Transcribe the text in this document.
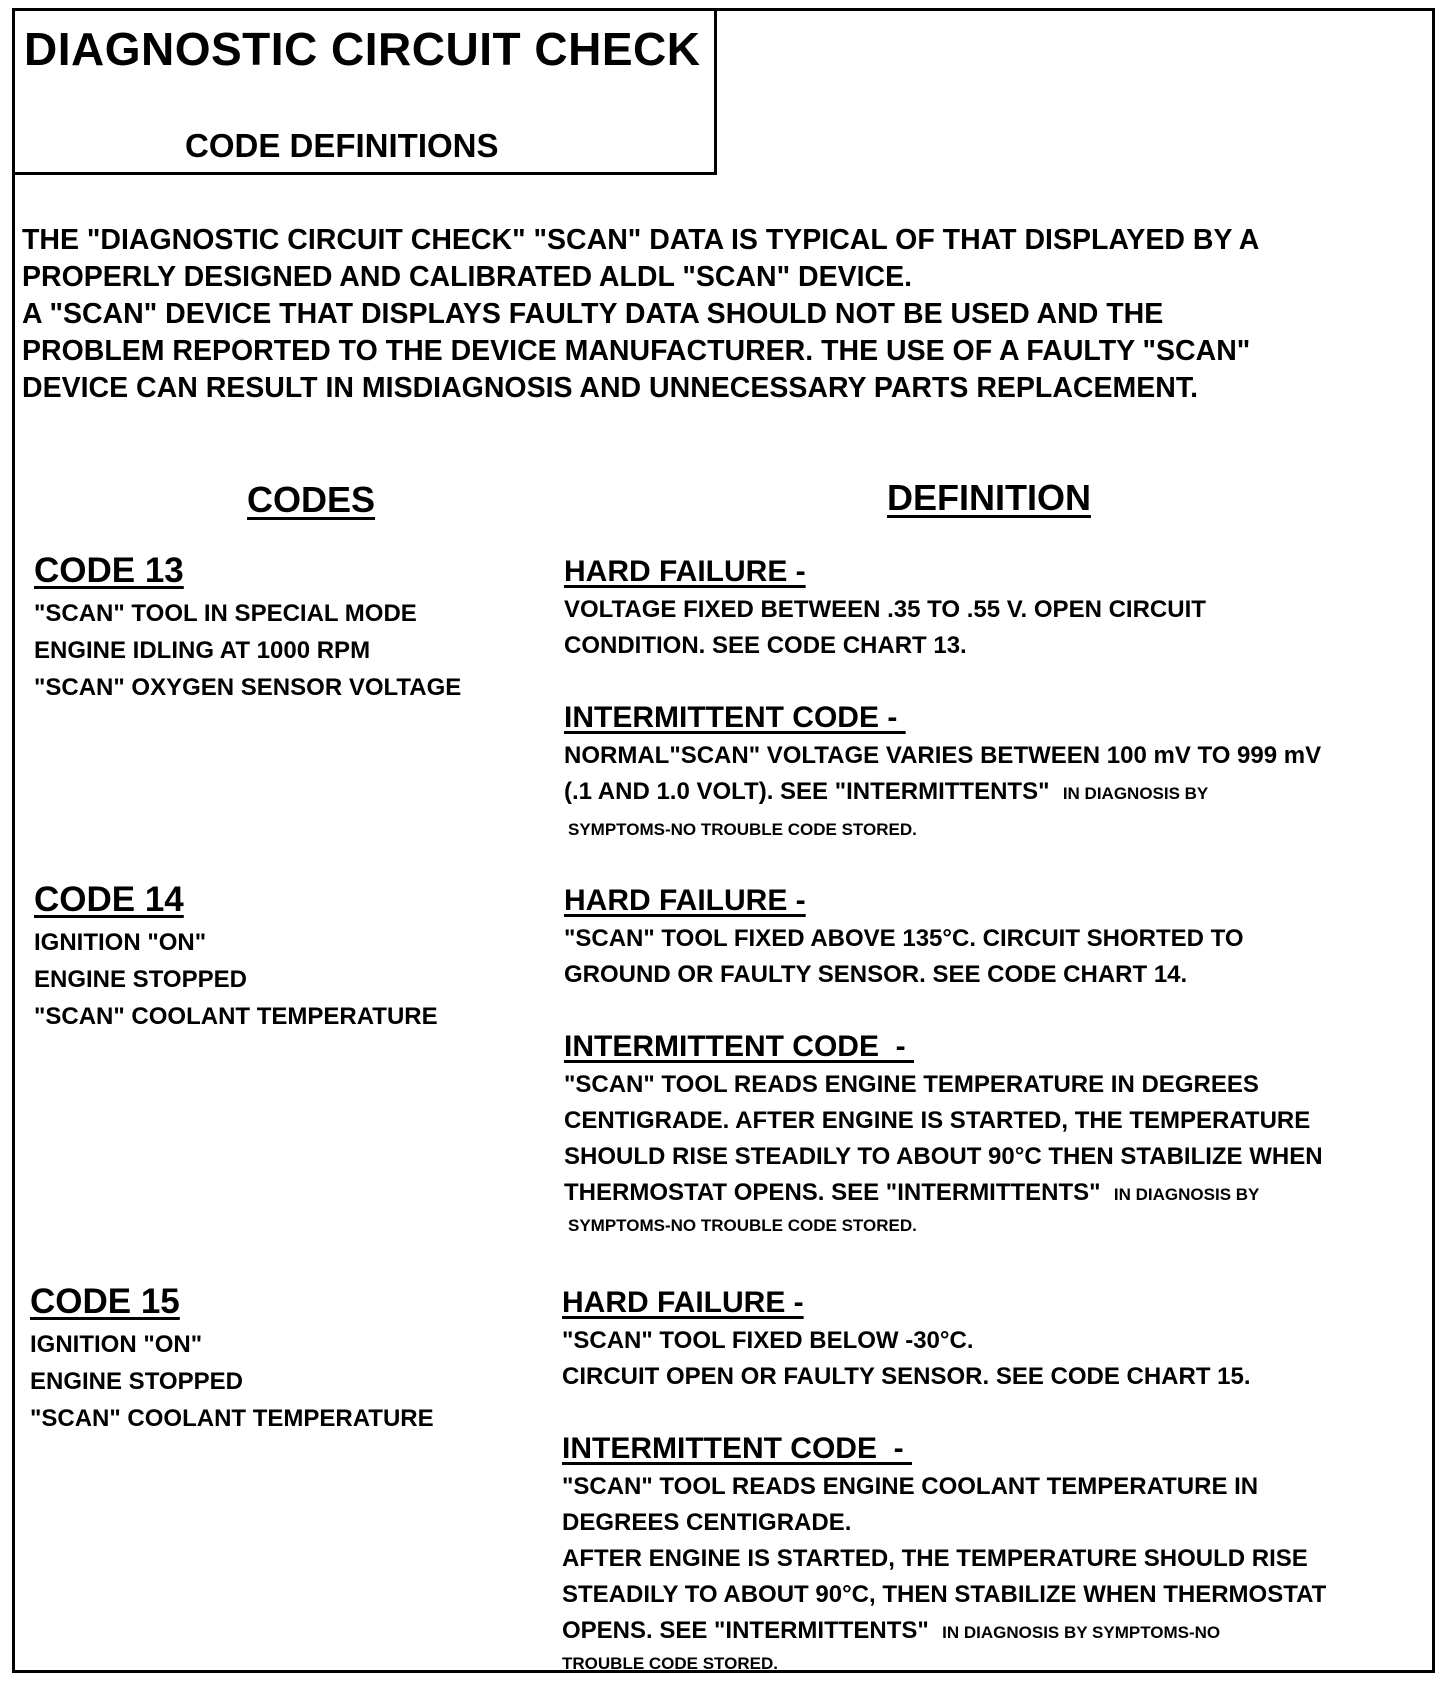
DIAGNOSTIC CIRCUIT CHECK
CODE DEFINITIONS
THE "DIAGNOSTIC CIRCUIT CHECK" "SCAN" DATA IS TYPICAL OF THAT DISPLAYED BY A
PROPERLY DESIGNED AND CALIBRATED ALDL "SCAN" DEVICE.
A "SCAN" DEVICE THAT DISPLAYS FAULTY DATA SHOULD NOT BE USED AND THE
PROBLEM REPORTED TO THE DEVICE MANUFACTURER. THE USE OF A FAULTY "SCAN"
DEVICE CAN RESULT IN MISDIAGNOSIS AND UNNECESSARY PARTS REPLACEMENT.
CODES	DEFINITION
CODE 13
"SCAN" TOOL IN SPECIAL MODE
ENGINE IDLING AT 1000 RPM
"SCAN" OXYGEN SENSOR VOLTAGE
HARD FAILURE -
VOLTAGE FIXED BETWEEN .35 TO .55 V. OPEN CIRCUIT
CONDITION. SEE CODE CHART 13.
INTERMITTENT CODE -
NORMAL"SCAN" VOLTAGE VARIES BETWEEN 100 mV TO 999 mV
(.1 AND 1.0 VOLT). SEE "INTERMITTENTS" IN DIAGNOSIS BY
SYMPTOMS-NO TROUBLE CODE STORED.
CODE 14
IGNITION "ON"
ENGINE STOPPED
"SCAN" COOLANT TEMPERATURE
HARD FAILURE -
"SCAN" TOOL FIXED ABOVE 135°C. CIRCUIT SHORTED TO
GROUND OR FAULTY SENSOR. SEE CODE CHART 14.
INTERMITTENT CODE  -
"SCAN" TOOL READS ENGINE TEMPERATURE IN DEGREES
CENTIGRADE. AFTER ENGINE IS STARTED, THE TEMPERATURE
SHOULD RISE STEADILY TO ABOUT 90°C THEN STABILIZE WHEN
THERMOSTAT OPENS. SEE "INTERMITTENTS" IN DIAGNOSIS BY
SYMPTOMS-NO TROUBLE CODE STORED.
CODE 15
IGNITION "ON"
ENGINE STOPPED
"SCAN" COOLANT TEMPERATURE
HARD FAILURE -
"SCAN" TOOL FIXED BELOW -30°C.
CIRCUIT OPEN OR FAULTY SENSOR. SEE CODE CHART 15.
INTERMITTENT CODE  -
"SCAN" TOOL READS ENGINE COOLANT TEMPERATURE IN
DEGREES CENTIGRADE.
AFTER ENGINE IS STARTED, THE TEMPERATURE SHOULD RISE
STEADILY TO ABOUT 90°C, THEN STABILIZE WHEN THERMOSTAT
OPENS. SEE "INTERMITTENTS" IN DIAGNOSIS BY SYMPTOMS-NO
TROUBLE CODE STORED.
